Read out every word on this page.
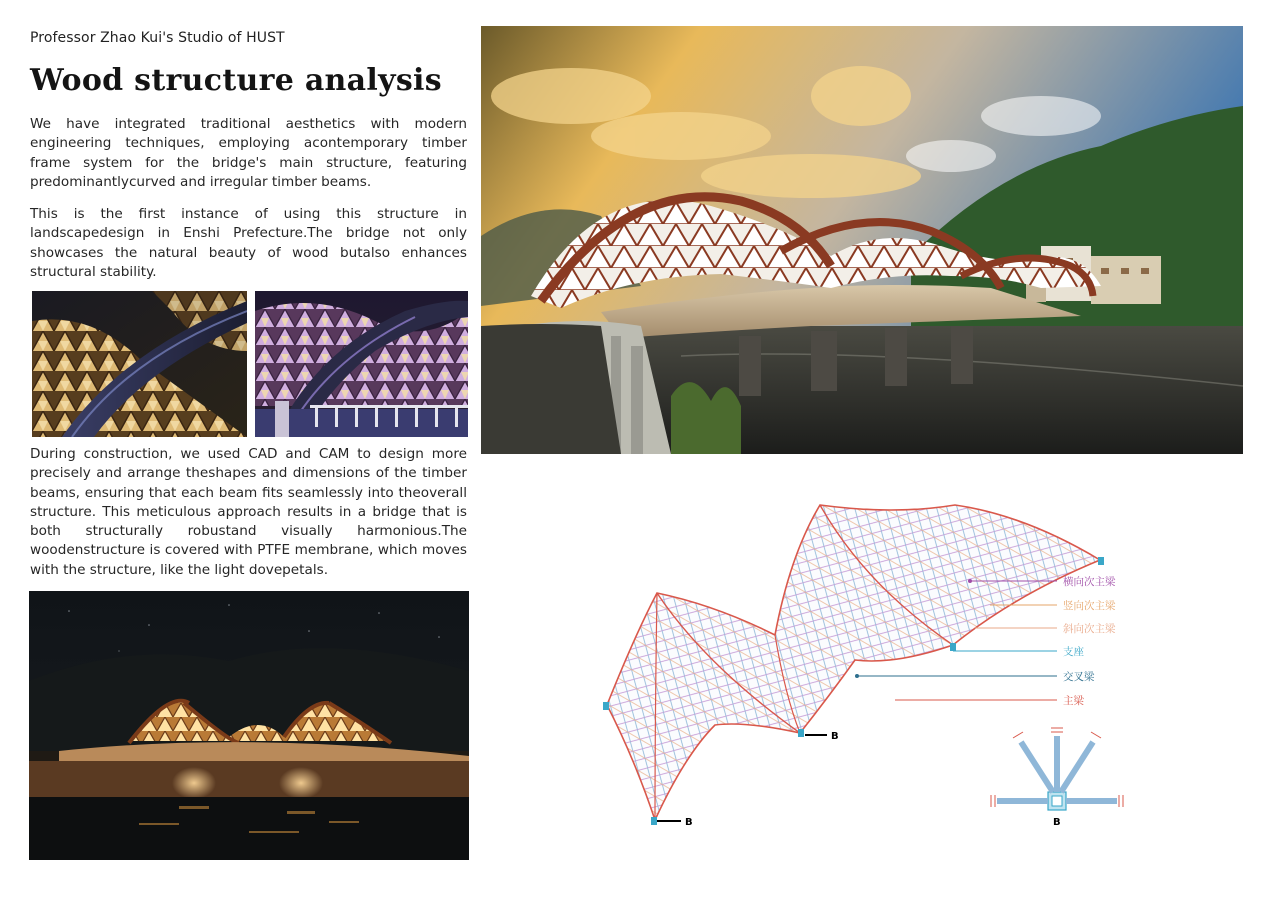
Professor Zhao Kui's Studio of HUST
Wood structure analysis

We have integrated traditional aesthetics with modern engineering techniques, employing acontemporary timber frame system for the bridge's main structure, featuring predominantlycurved and irregular timber beams.

This is the first instance of using this structure in landscapedesign in Enshi Prefecture.The bridge not only showcases the natural beauty of wood butalso enhances structural stability.

During construction, we used CAD and CAM to design more precisely and arrange theshapes and dimensions of the timber beams, ensuring that each beam fits seamlessly into theoverall structure. This meticulous approach results in a bridge that is both structurally robustand visually harmonious.The woodenstructure is covered with PTFE membrane, which moves with the structure, like the light dovepetals.

B
B
横向次主梁
竖向次主梁
斜向次主梁
支座
交叉梁
主梁
B
